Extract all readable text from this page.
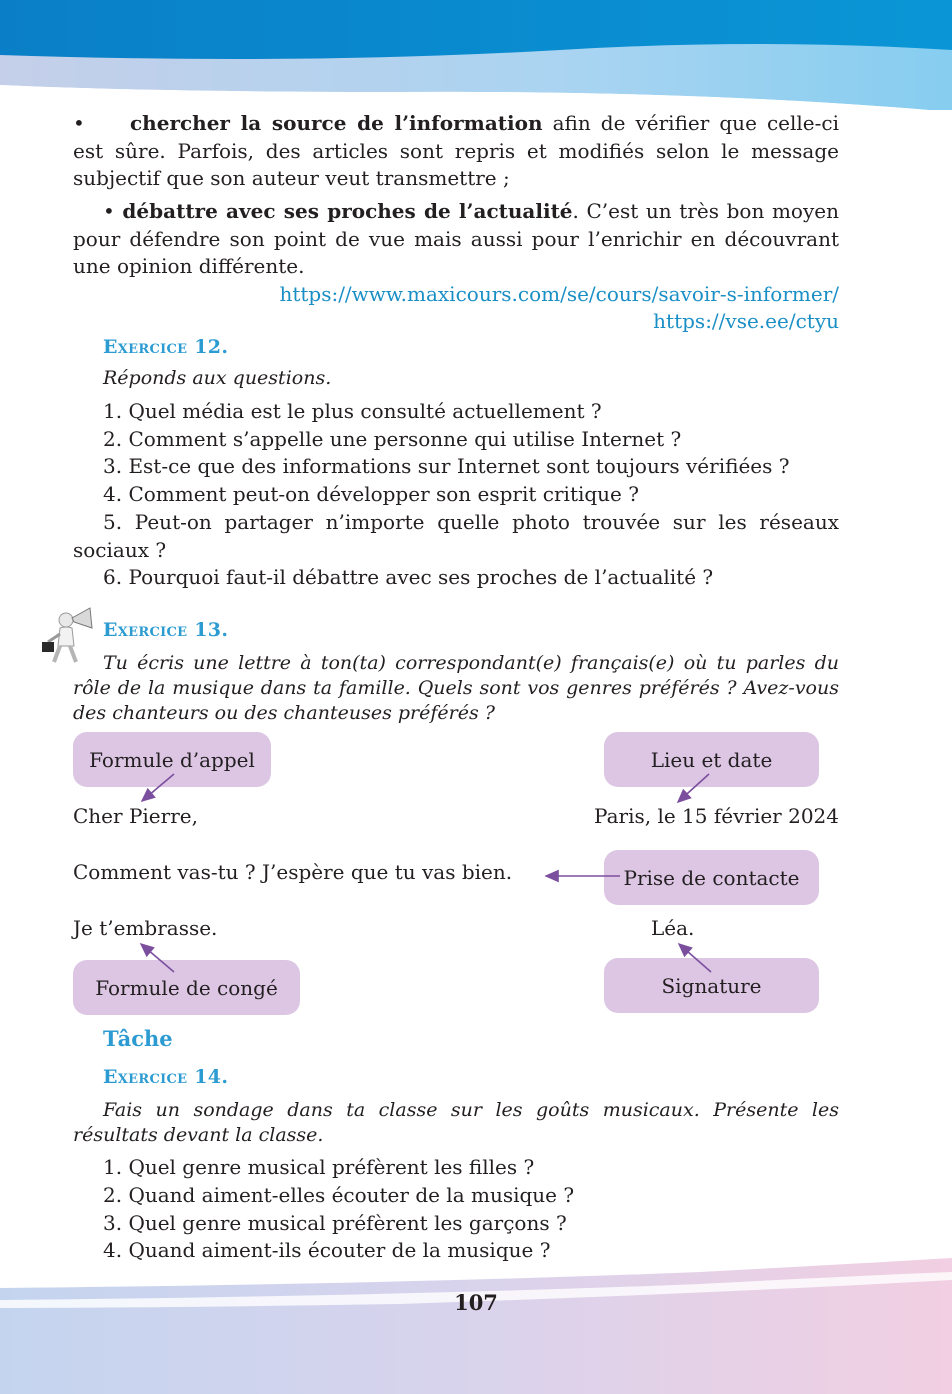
• chercher la source de l’information afin de vérifier que celle-ci est sûre. Parfois, des articles sont repris et modifiés selon le message subjectif que son auteur veut transmettre ;
• débattre avec ses proches de l’actualité. C’est un très bon moyen pour défendre son point de vue mais aussi pour l’enrichir en découvrant une opinion différente.
https://www.maxicours.com/se/cours/savoir-s-informer/
https://vse.ee/ctyu
Exercice 12.
Réponds aux questions.
1. Quel média est le plus consulté actuellement ?
2. Comment s’appelle une personne qui utilise Internet ?
3. Est-ce que des informations sur Internet sont toujours vérifiées ?
4. Comment peut-on développer son esprit critique ?
5. Peut-on partager n’importe quelle photo trouvée sur les réseaux sociaux ?
6. Pourquoi faut-il débattre avec ses proches de l’actualité ?
Exercice 13.
Tu écris une lettre à ton(ta) correspondant(e) français(e) où tu parles du rôle de la musique dans ta famille. Quels sont vos genres préférés ? Avez-vous des chanteurs ou des chanteuses préférés ?
Formule d’appel	Lieu et date
Cher Pierre,	Paris, le 15 février 2024
Comment vas-tu ? J’espère que tu vas bien.	Prise de contacte
Je t’embrasse.	Léa.
Formule de congé	Signature
Tâche
Exercice 14.
Fais un sondage dans ta classe sur les goûts musicaux. Présente les résultats devant la classe.
1. Quel genre musical préfèrent les filles ?
2. Quand aiment-elles écouter de la musique ?
3. Quel genre musical préfèrent les garçons ?
4. Quand aiment-ils écouter de la musique ?
107
